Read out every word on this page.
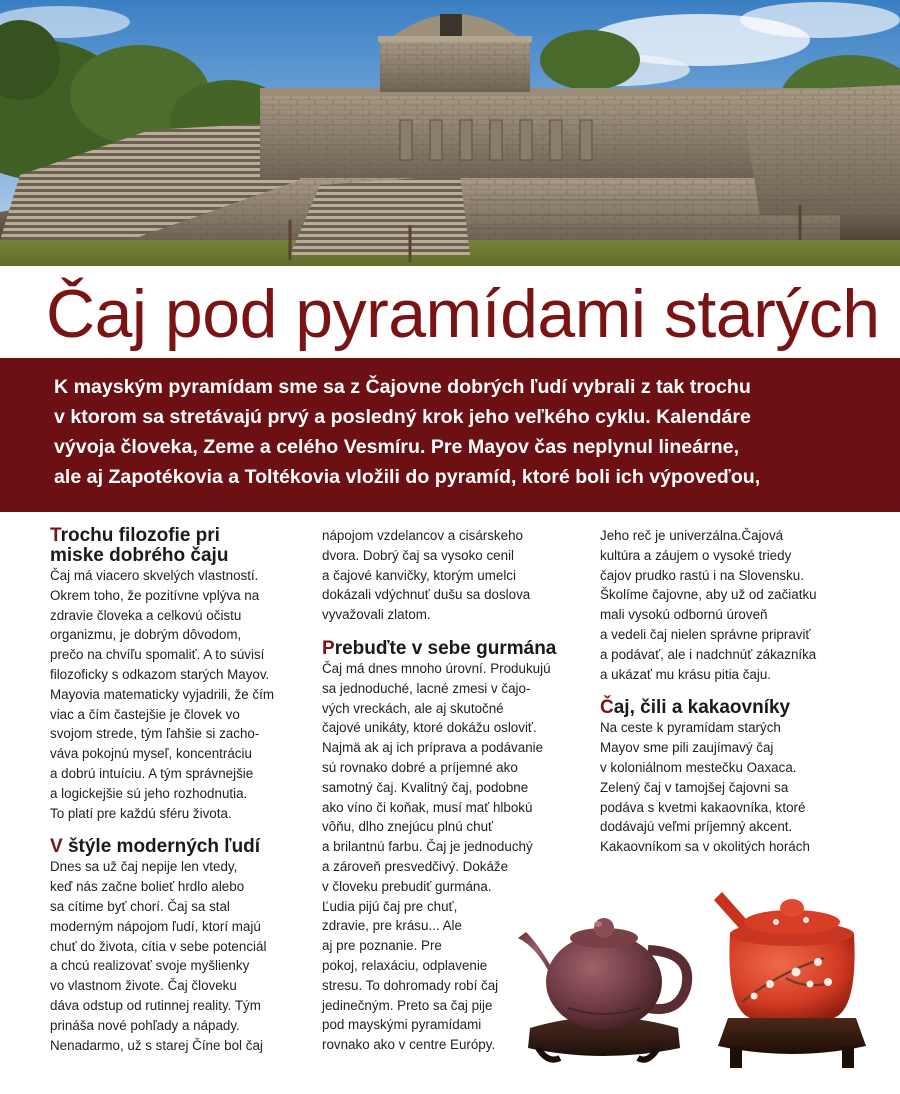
Čaj pod pyramídami starých

K mayským pyramídam sme sa z Čajovne dobrých ľudí vybrali z tak trochu
v ktorom sa stretávajú prvý a posledný krok jeho veľkého cyklu. Kalendáre
vývoja človeka, Zeme a celého Vesmíru. Pre Mayov čas neplynul lineárne,
ale aj Zapotékovia a Toltékovia vložili do pyramíd, ktoré boli ich výpoveďou,

Trochu filozofie pri
miske dobrého čaju
Čaj má viacero skvelých vlastností.
Okrem toho, že pozitívne vplýva na
zdravie človeka a celkovú očistu
organizmu, je dobrým dôvodom,
prečo na chvíľu spomaliť. A to súvisí
filozoficky s odkazom starých Mayov.
Mayovia matematicky vyjadrili, že čím
viac a čím častejšie je človek vo
svojom strede, tým ľahšie si zacho-
váva pokojnú myseľ, koncentráciu
a dobrú intuíciu. A tým správnejšie
a logickejšie sú jeho rozhodnutia.
To platí pre každú sféru života.
V štýle moderných ľudí
Dnes sa už čaj nepije len vtedy,
keď nás začne bolieť hrdlo alebo
sa cítime byť chorí. Čaj sa stal
moderným nápojom ľudí, ktorí majú
chuť do života, cítia v sebe potenciál
a chcú realizovať svoje myšlienky
vo vlastnom živote. Čaj človeku
dáva odstup od rutinnej reality. Tým
prináša nové pohľady a nápady.
Nenadarmo, už s starej Číne bol čaj
nápojom vzdelancov a cisárskeho
dvora. Dobrý čaj sa vysoko cenil
a čajové kanvičky, ktorým umelci
dokázali vdýchnuť dušu sa doslova
vyvažovali zlatom.
Prebuďte v sebe gurmána
Čaj má dnes mnoho úrovní. Produkujú
sa jednoduché, lacné zmesi v čajo-
vých vreckách, ale aj skutočné
čajové unikáty, ktoré dokážu osloviť.
Najmä ak aj ich príprava a podávanie
sú rovnako dobré a príjemné ako
samotný čaj. Kvalitný čaj, podobne
ako víno či koňak, musí mať hlbokú
vôňu, dlho znejúcu plnú chuť
a brilantnú farbu. Čaj je jednoduchý
a zároveň presvedčivý. Dokáže
v človeku prebudiť gurmána.
Ľudia pijú čaj pre chuť,
zdravie, pre krásu... Ale
aj pre poznanie. Pre
pokoj, relaxáciu, odplavenie
stresu. To dohromady robí čaj
jedinečným. Preto sa čaj pije
pod mayskými pyramídami
rovnako ako v centre Európy.
Jeho reč je univerzálna.Čajová
kultúra a záujem o vysoké triedy
čajov prudko rastú i na Slovensku.
Školíme čajovne, aby už od začiatku
mali vysokú odbornú úroveň
a vedeli čaj nielen správne pripraviť
a podávať, ale i nadchnúť zákazníka
a ukázať mu krásu pitia čaju.
Čaj, čili a kakaovníky
Na ceste k pyramídam starých
Mayov sme pili zaujímavý čaj
v koloniálnom mestečku Oaxaca.
Zelený čaj v tamojšej čajovni sa
podáva s kvetmi kakaovníka, ktoré
dodávajú veľmi príjemný akcent.
Kakaovníkom sa v okolitých horách
